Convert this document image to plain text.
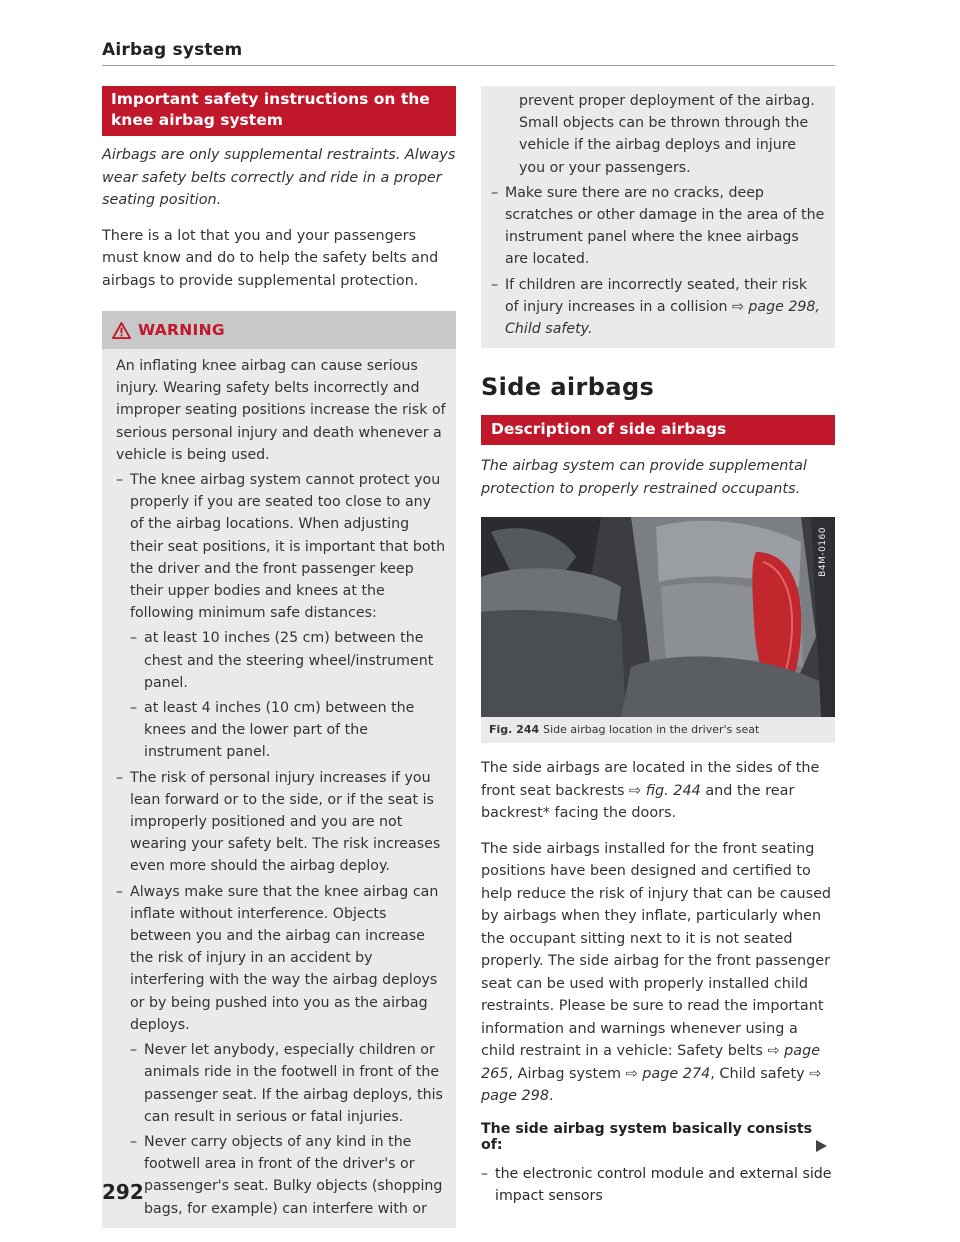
Airbag system
Important safety instructions on the knee airbag system

Airbags are only supplemental restraints. Always wear safety belts correctly and ride in a proper seating position.

There is a lot that you and your passengers must know and do to help the safety belts and airbags to provide supplemental protection.

WARNING
An inflating knee airbag can cause serious injury. Wearing safety belts incorrectly and improper seating positions increase the risk of serious personal injury and death whenever a vehicle is being used.
– The knee airbag system cannot protect you properly if you are seated too close to any of the airbag locations. When adjusting their seat positions, it is important that both the driver and the front passenger keep their upper bodies and knees at the following minimum safe distances:
– at least 10 inches (25 cm) between the chest and the steering wheel/instrument panel.
– at least 4 inches (10 cm) between the knees and the lower part of the instrument panel.
– The risk of personal injury increases if you lean forward or to the side, or if the seat is improperly positioned and you are not wearing your safety belt. The risk increases even more should the airbag deploy.
– Always make sure that the knee airbag can inflate without interference. Objects between you and the airbag can increase the risk of injury in an accident by interfering with the way the airbag deploys or by being pushed into you as the airbag deploys.
– Never let anybody, especially children or animals ride in the footwell in front of the passenger seat. If the airbag deploys, this can result in serious or fatal injuries.
– Never carry objects of any kind in the footwell area in front of the driver's or passenger's seat. Bulky objects (shopping bags, for example) can interfere with or
prevent proper deployment of the airbag. Small objects can be thrown through the vehicle if the airbag deploys and injure you or your passengers.
– Make sure there are no cracks, deep scratches or other damage in the area of the instrument panel where the knee airbags are located.
– If children are incorrectly seated, their risk of injury increases in a collision ⇨ page 298, Child safety.
Side airbags
Description of side airbags

The airbag system can provide supplemental protection to properly restrained occupants.

B4M-0160
Fig. 244 Side airbag location in the driver's seat

The side airbags are located in the sides of the front seat backrests ⇨ fig. 244 and the rear backrest* facing the doors.

The side airbags installed for the front seating positions have been designed and certified to help reduce the risk of injury that can be caused by airbags when they inflate, particularly when the occupant sitting next to it is not seated properly. The side airbag for the front passenger seat can be used with properly installed child restraints. Please be sure to read the important information and warnings whenever using a child restraint in a vehicle: Safety belts ⇨ page 265, Airbag system ⇨ page 274, Child safety ⇨ page 298.

The side airbag system basically consists of:

– the electronic control module and external side impact sensors
292
